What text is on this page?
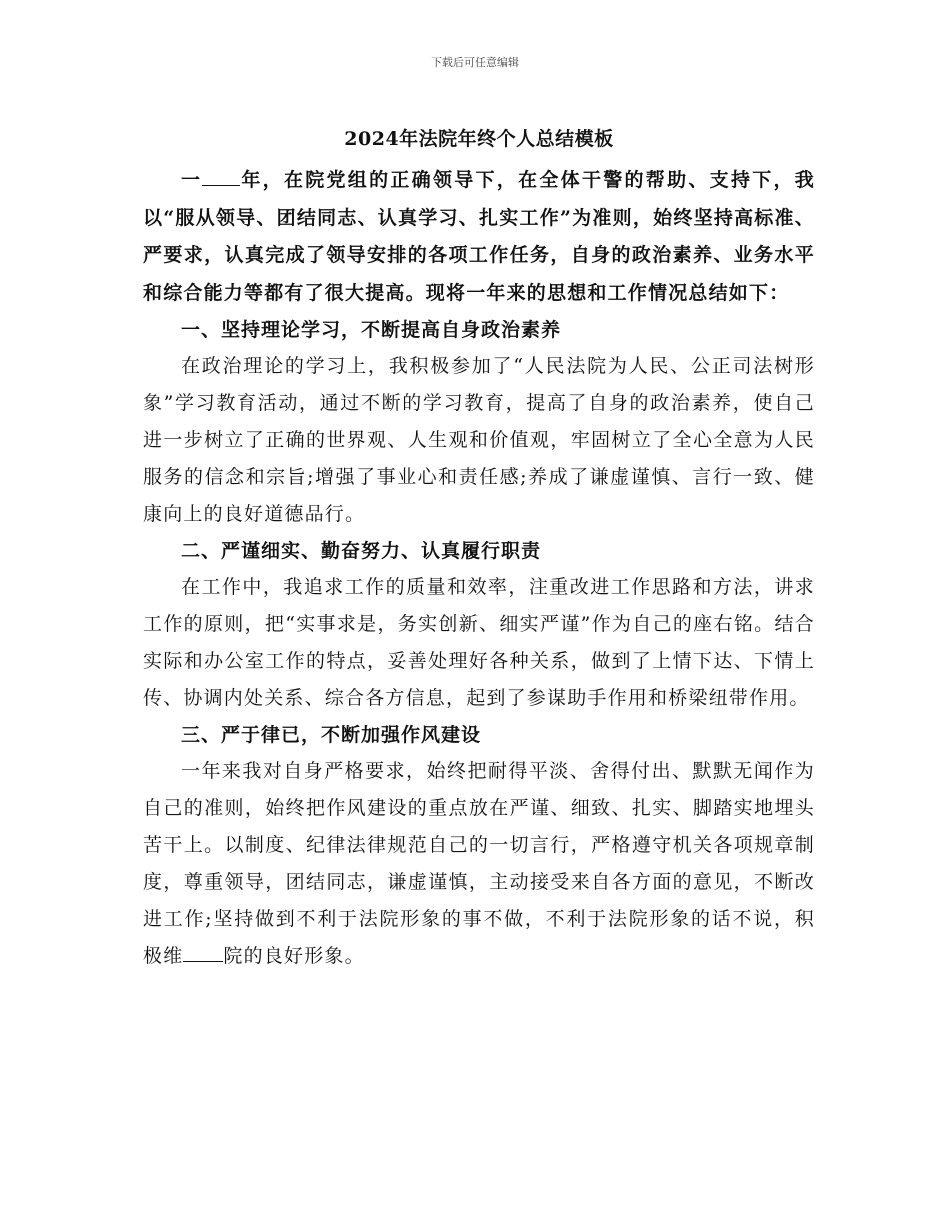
下载后可任意编辑
2024年法院年终个人总结模板

一 年，在院党组的正确领导下，在全体干警的帮助、支持下，我以“服从领导、团结同志、认真学习、扎实工作”为准则，始终坚持高标准、严要求，认真完成了领导安排的各项工作任务，自身的政治素养、业务水平和综合能力等都有了很大提高。现将一年来的思想和工作情况总结如下：

一、坚持理论学习，不断提高自身政治素养

在政治理论的学习上，我积极参加了“人民法院为人民、公正司法树形象”学习教育活动，通过不断的学习教育，提高了自身的政治素养，使自己进一步树立了正确的世界观、人生观和价值观，牢固树立了全心全意为人民服务的信念和宗旨;增强了事业心和责任感;养成了谦虚谨慎、言行一致、健康向上的良好道德品行。

二、严谨细实、勤奋努力、认真履行职责

在工作中，我追求工作的质量和效率，注重改进工作思路和方法，讲求工作的原则，把“实事求是，务实创新、细实严谨”作为自己的座右铭。结合实际和办公室工作的特点，妥善处理好各种关系，做到了上情下达、下情上传、协调内处关系、综合各方信息，起到了参谋助手作用和桥梁纽带作用。

三、严于律已，不断加强作风建设

一年来我对自身严格要求，始终把耐得平淡、舍得付出、默默无闻作为自己的准则，始终把作风建设的重点放在严谨、细致、扎实、脚踏实地埋头苦干上。以制度、纪律法律规范自己的一切言行，严格遵守机关各项规章制度，尊重领导，团结同志，谦虚谨慎，主动接受来自各方面的意见，不断改进工作;坚持做到不利于法院形象的事不做，不利于法院形象的话不说，积极维 院的良好形象。
